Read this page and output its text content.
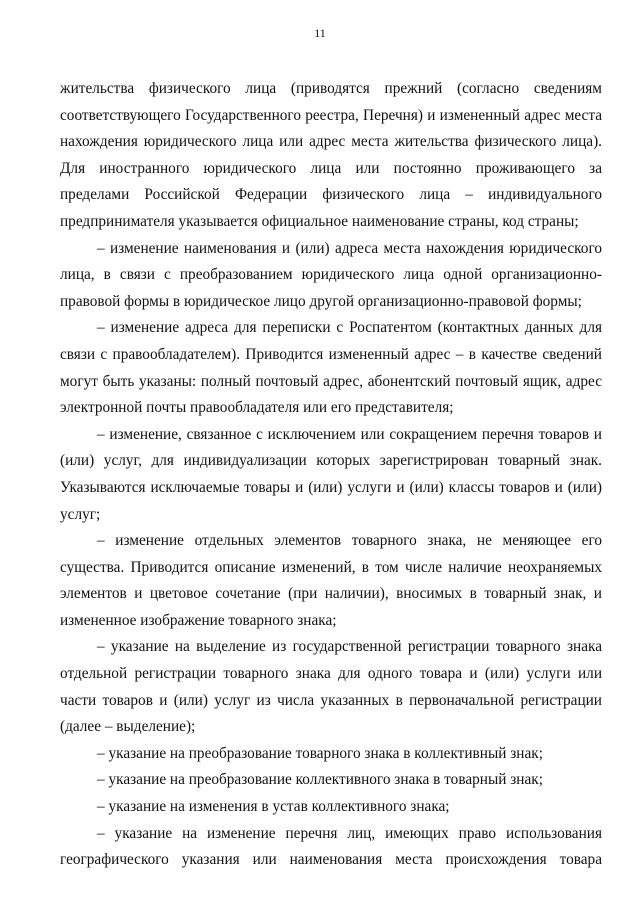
11

жительства физического лица (приводятся прежний (согласно сведениям соответствующего Государственного реестра, Перечня) и измененный адрес места нахождения юридического лица или адрес места жительства физического лица). Для иностранного юридического лица или постоянно проживающего за пределами Российской Федерации физического лица – индивидуального предпринимателя указывается официальное наименование страны, код страны;

– изменение наименования и (или) адреса места нахождения юридического лица, в связи с преобразованием юридического лица одной организационно-правовой формы в юридическое лицо другой организационно-правовой формы;

– изменение адреса для переписки с Роспатентом (контактных данных для связи с правообладателем). Приводится измененный адрес – в качестве сведений могут быть указаны: полный почтовый адрес, абонентский почтовый ящик, адрес электронной почты правообладателя или его представителя;

– изменение, связанное с исключением или сокращением перечня товаров и (или) услуг, для индивидуализации которых зарегистрирован товарный знак. Указываются исключаемые товары и (или) услуги и (или) классы товаров и (или) услуг;

– изменение отдельных элементов товарного знака, не меняющее его существа. Приводится описание изменений, в том числе наличие неохраняемых элементов и цветовое сочетание (при наличии), вносимых в товарный знак, и измененное изображение товарного знака;

– указание на выделение из государственной регистрации товарного знака отдельной регистрации товарного знака для одного товара и (или) услуги или части товаров и (или) услуг из числа указанных в первоначальной регистрации (далее – выделение);

– указание на преобразование товарного знака в коллективный знак;

– указание на преобразование коллективного знака в товарный знак;

– указание на изменения в устав коллективного знака;

– указание на изменение перечня лиц, имеющих право использования географического указания или наименования места происхождения товара
